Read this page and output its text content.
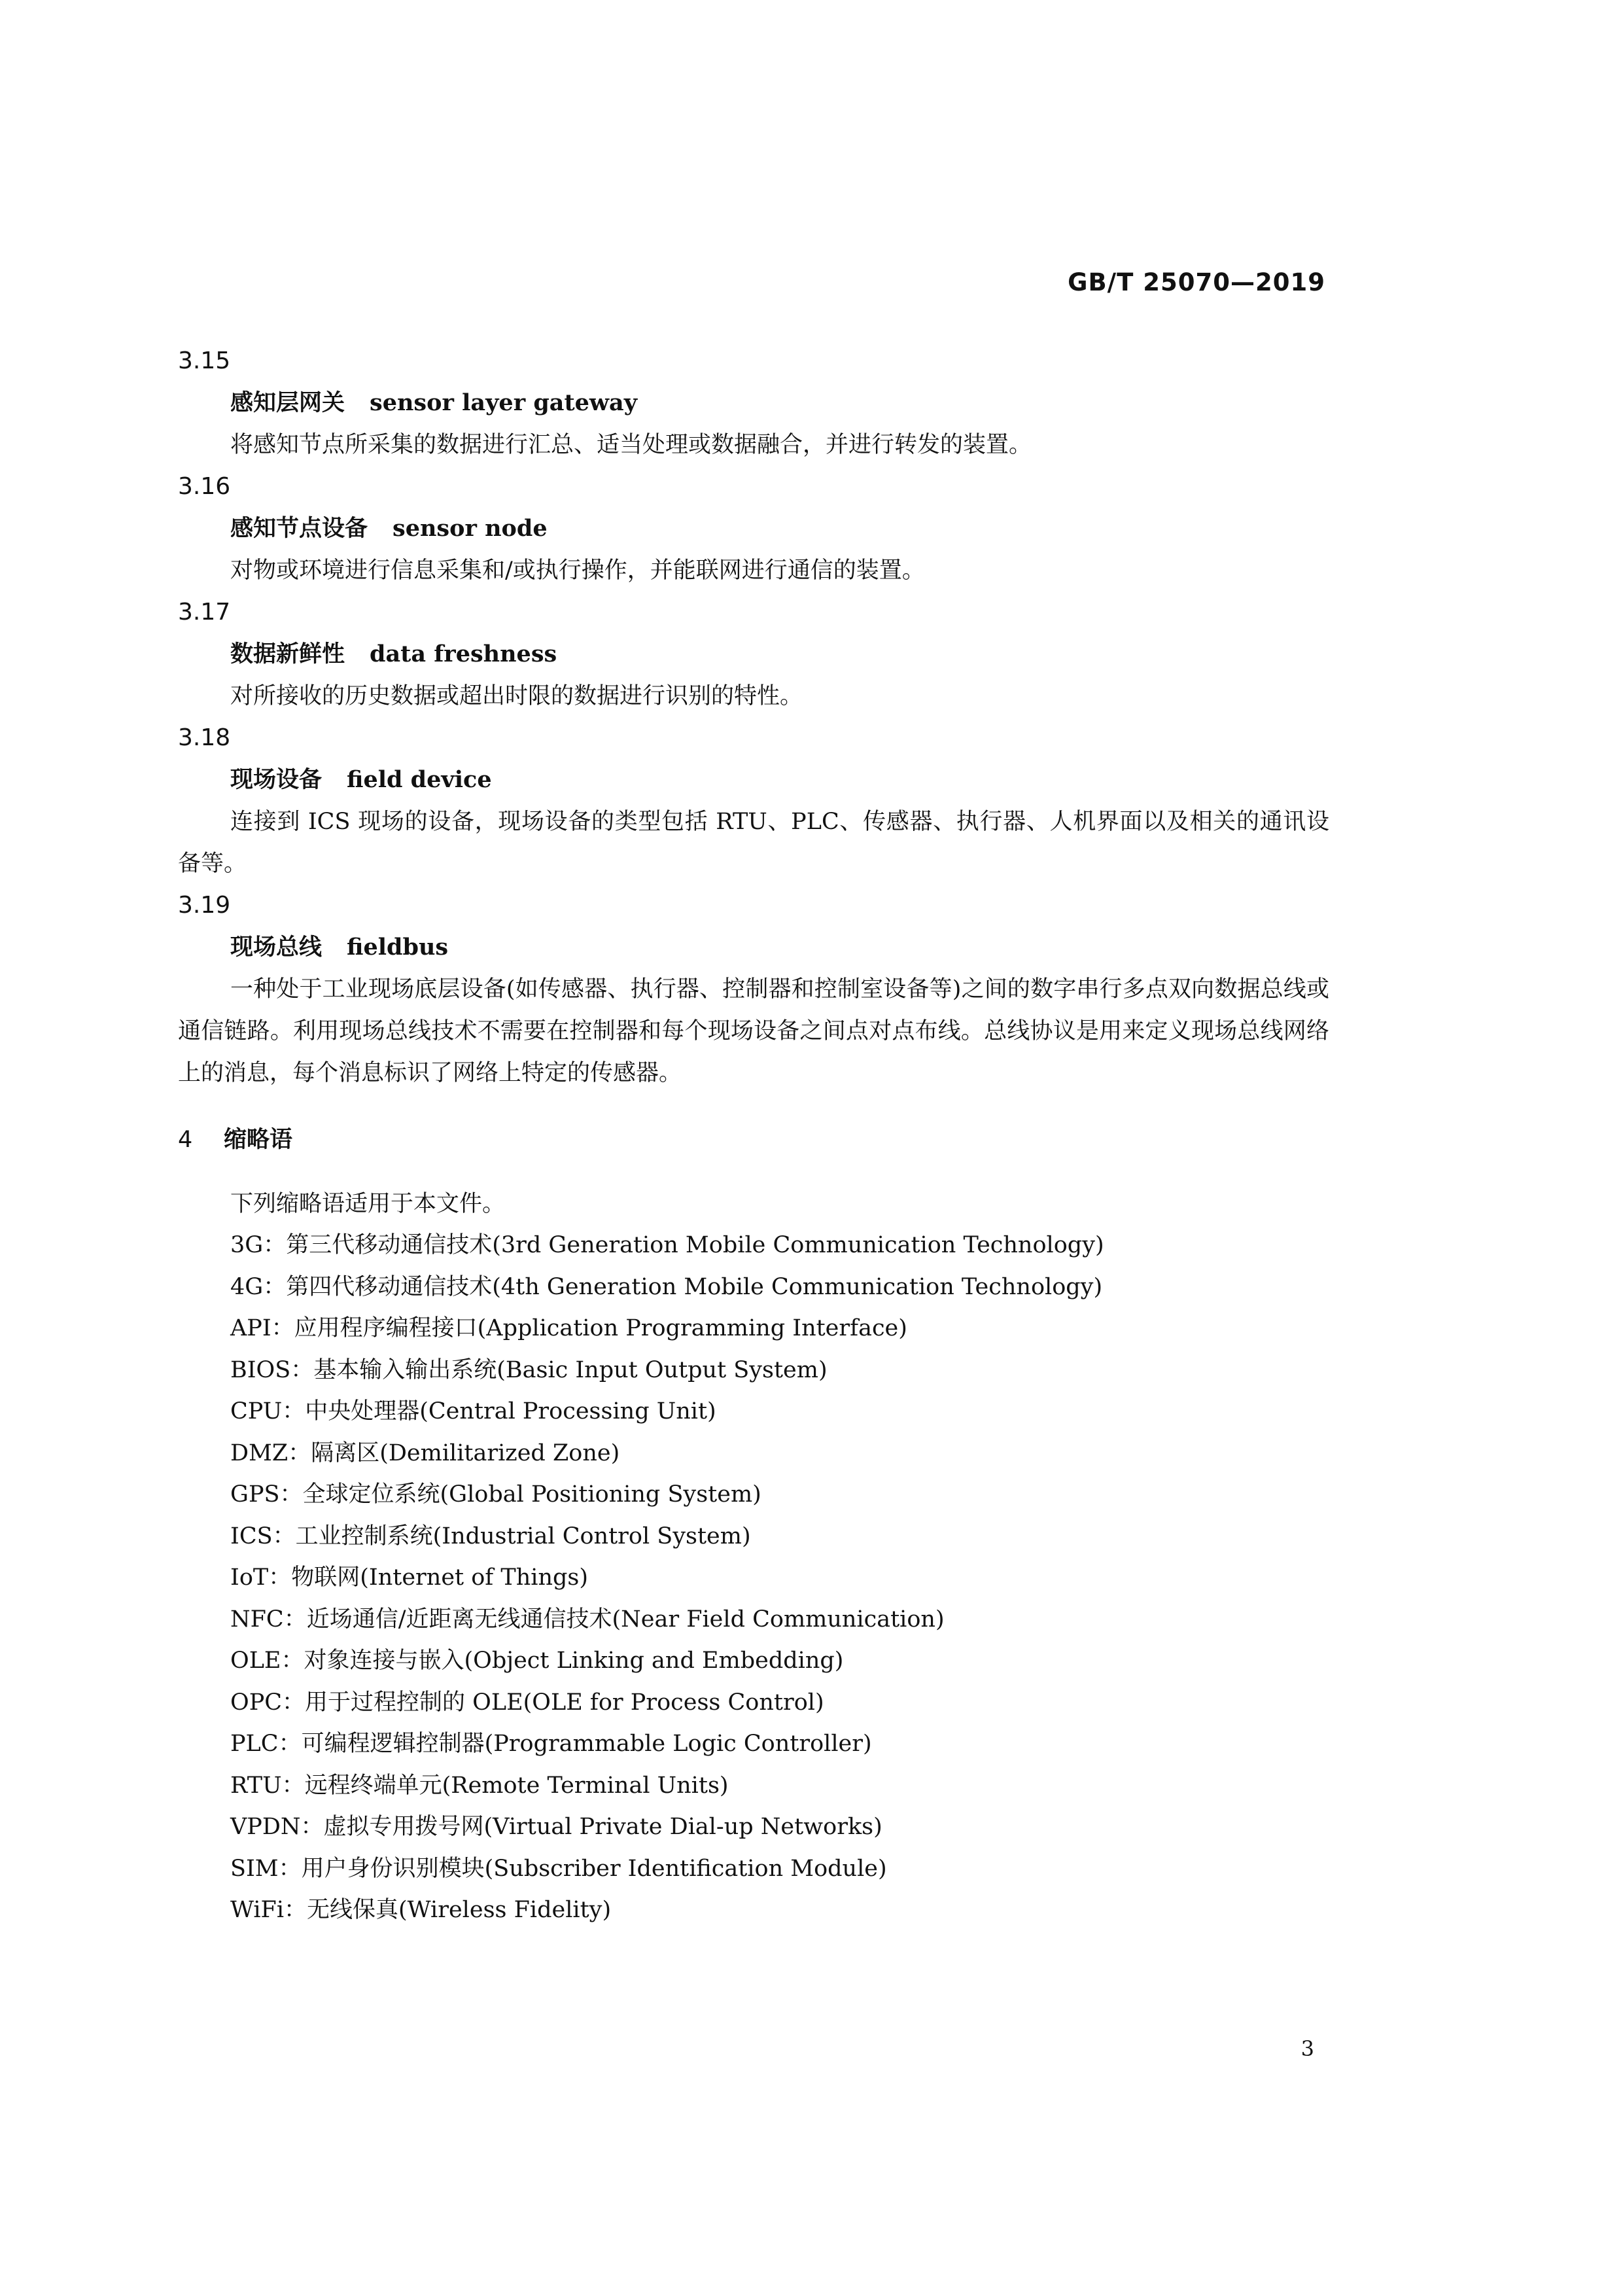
GB/T 25070—2019
3.15
感知层网关 sensor layer gateway
将感知节点所采集的数据进行汇总、适当处理或数据融合，并进行转发的装置。
3.16
感知节点设备 sensor node
对物或环境进行信息采集和/或执行操作，并能联网进行通信的装置。
3.17
数据新鲜性 data freshness
对所接收的历史数据或超出时限的数据进行识别的特性。
3.18
现场设备 field device
连接到 ICS 现场的设备，现场设备的类型包括 RTU、PLC、传感器、执行器、人机界面以及相关的通讯设备等。
3.19
现场总线 fieldbus
一种处于工业现场底层设备(如传感器、执行器、控制器和控制室设备等)之间的数字串行多点双向数据总线或通信链路。利用现场总线技术不需要在控制器和每个现场设备之间点对点布线。总线协议是用来定义现场总线网络上的消息，每个消息标识了网络上特定的传感器。
4 缩略语
下列缩略语适用于本文件。
3G：第三代移动通信技术(3rd Generation Mobile Communication Technology)
4G：第四代移动通信技术(4th Generation Mobile Communication Technology)
API：应用程序编程接口(Application Programming Interface)
BIOS：基本输入输出系统(Basic Input Output System)
CPU：中央处理器(Central Processing Unit)
DMZ：隔离区(Demilitarized Zone)
GPS：全球定位系统(Global Positioning System)
ICS：工业控制系统(Industrial Control System)
IoT：物联网(Internet of Things)
NFC：近场通信/近距离无线通信技术(Near Field Communication)
OLE：对象连接与嵌入(Object Linking and Embedding)
OPC：用于过程控制的 OLE(OLE for Process Control)
PLC：可编程逻辑控制器(Programmable Logic Controller)
RTU：远程终端单元(Remote Terminal Units)
VPDN：虚拟专用拨号网(Virtual Private Dial-up Networks)
SIM：用户身份识别模块(Subscriber Identification Module)
WiFi：无线保真(Wireless Fidelity)
3
